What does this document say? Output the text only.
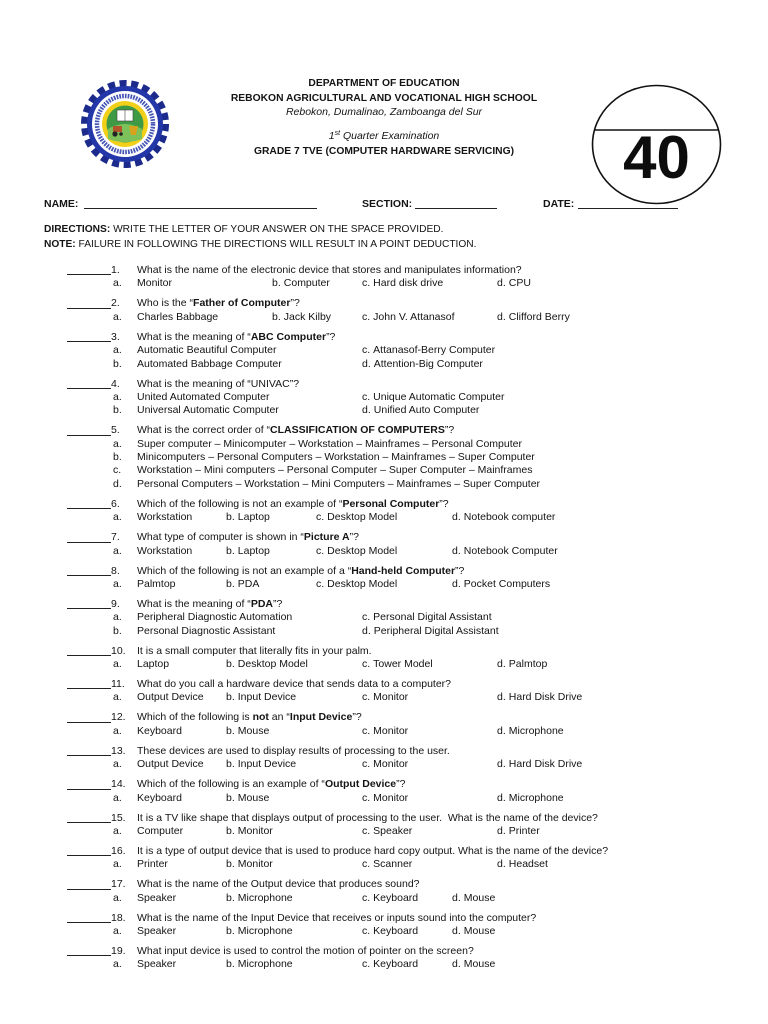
DEPARTMENT OF EDUCATION
REBOKON AGRICULTURAL AND VOCATIONAL HIGH SCHOOL
Rebokon, Dumalinao, Zamboanga del Sur
1st Quarter Examination
GRADE 7 TVE (COMPUTER HARDWARE SERVICING)	40
NAME:	SECTION:	DATE:
DIRECTIONS: WRITE THE LETTER OF YOUR ANSWER ON THE SPACE PROVIDED.
NOTE: FAILURE IN FOLLOWING THE DIRECTIONS WILL RESULT IN A POINT DEDUCTION.
1. What is the name of the electronic device that stores and manipulates information?
a. Monitor	b. Computer	c. Hard disk drive	d. CPU
2. Who is the “Father of Computer”?
a. Charles Babbage	b. Jack Kilby	c. John V. Attanasof	d. Clifford Berry
3. What is the meaning of “ABC Computer”?
a. Automatic Beautiful Computer	c. Attanasof-Berry Computer
b. Automated Babbage Computer	d. Attention-Big Computer
4. What is the meaning of “UNIVAC”?
a. United Automated Computer	c. Unique Automatic Computer
b. Universal Automatic Computer	d. Unified Auto Computer
5. What is the correct order of “CLASSIFICATION OF COMPUTERS”?
a. Super computer – Minicomputer – Workstation – Mainframes – Personal Computer
b. Minicomputers – Personal Computers – Workstation – Mainframes – Super Computer
c. Workstation – Mini computers – Personal Computer – Super Computer – Mainframes
d. Personal Computers – Workstation – Mini Computers – Mainframes – Super Computer
6. Which of the following is not an example of “Personal Computer”?
a. Workstation	b. Laptop	c. Desktop Model	d. Notebook computer
7. What type of computer is shown in “Picture A”?
a. Workstation	b. Laptop	c. Desktop Model	d. Notebook Computer
8. Which of the following is not an example of a “Hand-held Computer”?
a. Palmtop	b. PDA	c. Desktop Model	d. Pocket Computers
9. What is the meaning of “PDA”?
a. Peripheral Diagnostic Automation	c. Personal Digital Assistant
b. Personal Diagnostic Assistant	d. Peripheral Digital Assistant
10. It is a small computer that literally fits in your palm.
a. Laptop	b. Desktop Model	c. Tower Model	d. Palmtop
11. What do you call a hardware device that sends data to a computer?
a. Output Device b. Input Device	c. Monitor	d. Hard Disk Drive
12. Which of the following is not an “Input Device”?
a. Keyboard	b. Mouse	c. Monitor	d. Microphone
13. These devices are used to display results of processing to the user.
a. Output Device b. Input Device	c. Monitor	d. Hard Disk Drive
14. Which of the following is an example of “Output Device”?
a. Keyboard	b. Mouse	c. Monitor	d. Microphone
15. It is a TV like shape that displays output of processing to the user.  What is the name of the device?
a. Computer	b. Monitor	c. Speaker	d. Printer
16. It is a type of output device that is used to produce hard copy output. What is the name of the device?
a. Printer	b. Monitor	c. Scanner	d. Headset
17. What is the name of the Output device that produces sound?
a. Speaker	b. Microphone	c. Keyboard	d. Mouse
18. What is the name of the Input Device that receives or inputs sound into the computer?
a. Speaker	b. Microphone	c. Keyboard	d. Mouse
19. What input device is used to control the motion of pointer on the screen?
a. Speaker	b. Microphone	c. Keyboard	d. Mouse
